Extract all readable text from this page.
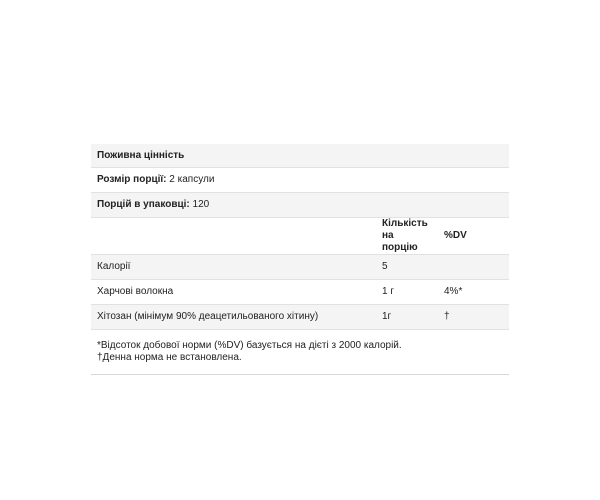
Поживна цінність		
Розмір порції: 2 капсули		
Порцій в упаковці: 120		
	Кількість на порцію	%DV
Калорії	5	
Харчові волокна	1 г	4%*
Хітозан (мінімум 90% деацетильованого хітину)	1г	†

*Відсоток добової норми (%DV) базується на дієті з 2000 калорій.
†Денна норма не встановлена.		
